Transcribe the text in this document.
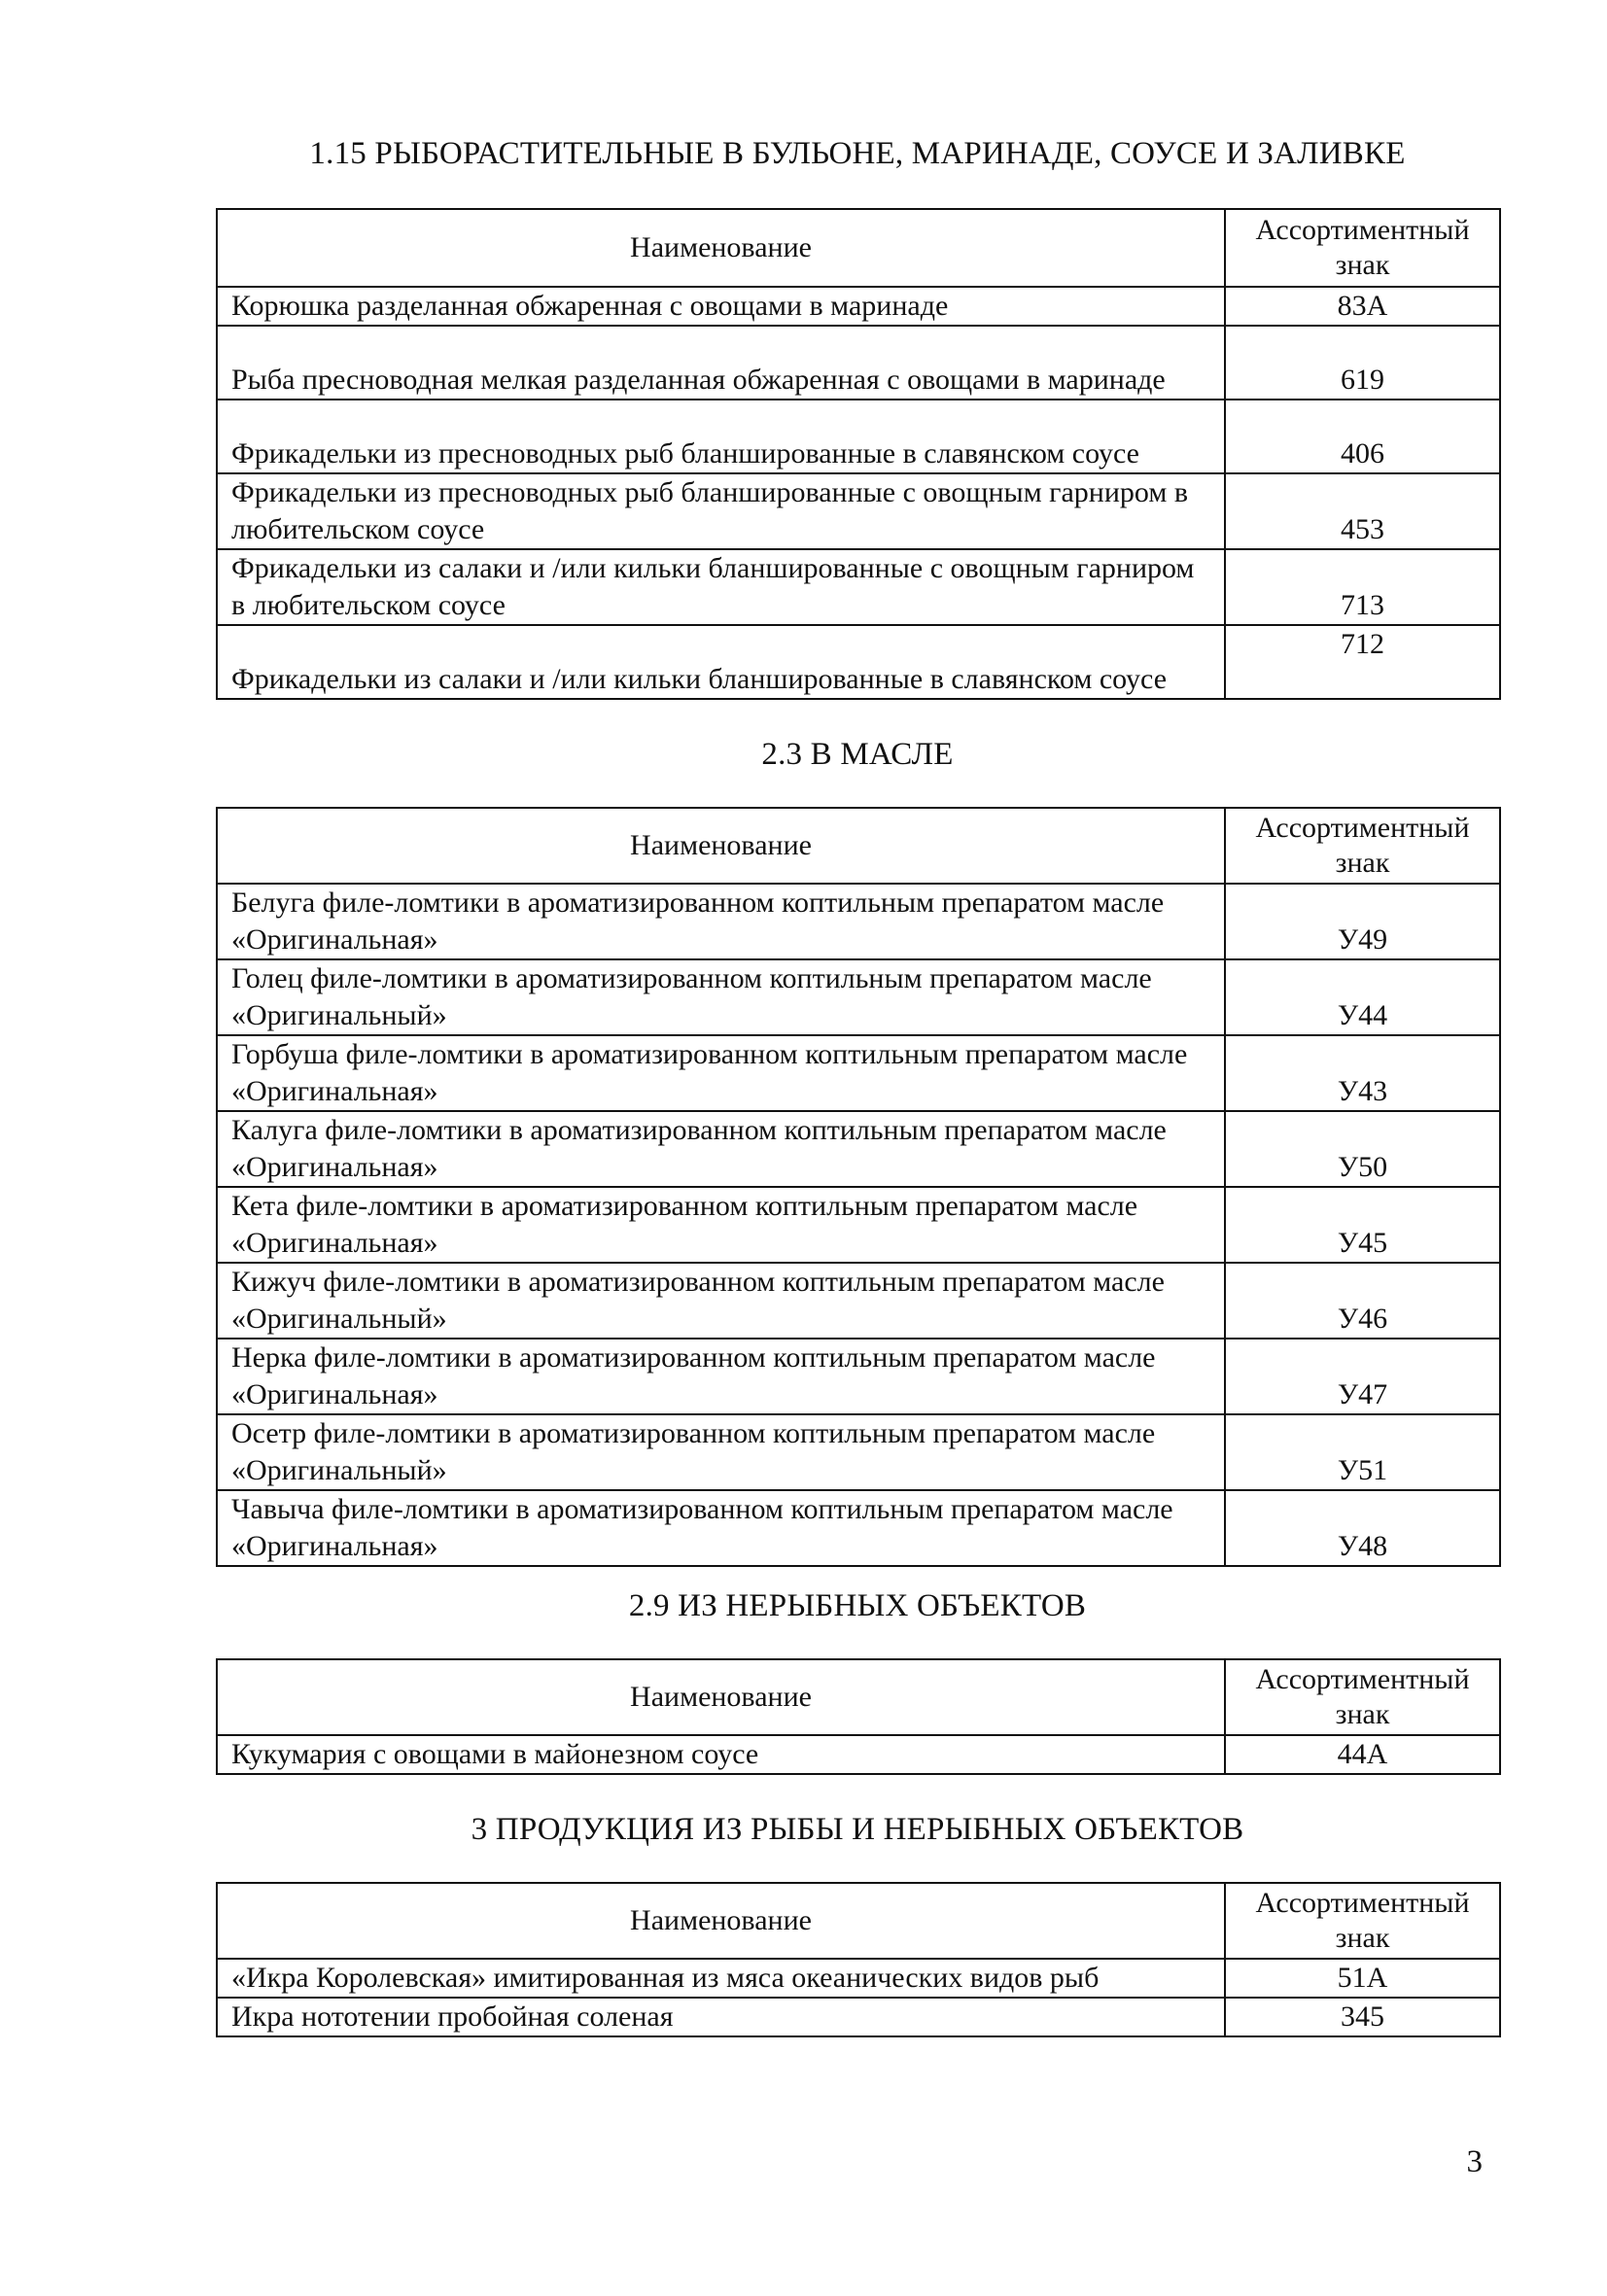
1.15 РЫБОРАСТИТЕЛЬНЫЕ В БУЛЬОНЕ, МАРИНАДЕ, СОУСЕ И ЗАЛИВКЕ
Наименование	Ассортиментный знак
Корюшка разделанная обжаренная с овощами в маринаде	83А
Рыба пресноводная мелкая разделанная обжаренная с овощами в маринаде	619
Фрикадельки из пресноводных рыб бланшированные в славянском соусе	406
Фрикадельки из пресноводных рыб бланшированные с овощным гарниром в любительском соусе	453
Фрикадельки из салаки и /или кильки бланшированные с овощным гарниром в любительском соусе	713
Фрикадельки из салаки и /или кильки бланшированные в славянском соусе	712
2.3 В МАСЛЕ
Наименование	Ассортиментный знак
Белуга филе-ломтики в ароматизированном коптильным препаратом масле «Оригинальная»	У49
Голец филе-ломтики в ароматизированном коптильным препаратом масле «Оригинальный»	У44
Горбуша филе-ломтики в ароматизированном коптильным препаратом масле «Оригинальная»	У43
Калуга филе-ломтики в ароматизированном коптильным препаратом масле «Оригинальная»	У50
Кета филе-ломтики в ароматизированном коптильным препаратом масле «Оригинальная»	У45
Кижуч филе-ломтики в ароматизированном коптильным препаратом масле «Оригинальный»	У46
Нерка филе-ломтики в ароматизированном коптильным препаратом масле «Оригинальная»	У47
Осетр филе-ломтики в ароматизированном коптильным препаратом масле «Оригинальный»	У51
Чавыча филе-ломтики в ароматизированном коптильным препаратом масле «Оригинальная»	У48
2.9 ИЗ НЕРЫБНЫХ ОБЪЕКТОВ
Наименование	Ассортиментный знак
Кукумария с овощами в майонезном соусе	44А
3 ПРОДУКЦИЯ ИЗ РЫБЫ И НЕРЫБНЫХ ОБЪЕКТОВ
Наименование	Ассортиментный знак
«Икра Королевская» имитированная из мяса океанических видов рыб	51А
Икра нототении пробойная соленая	345
3
